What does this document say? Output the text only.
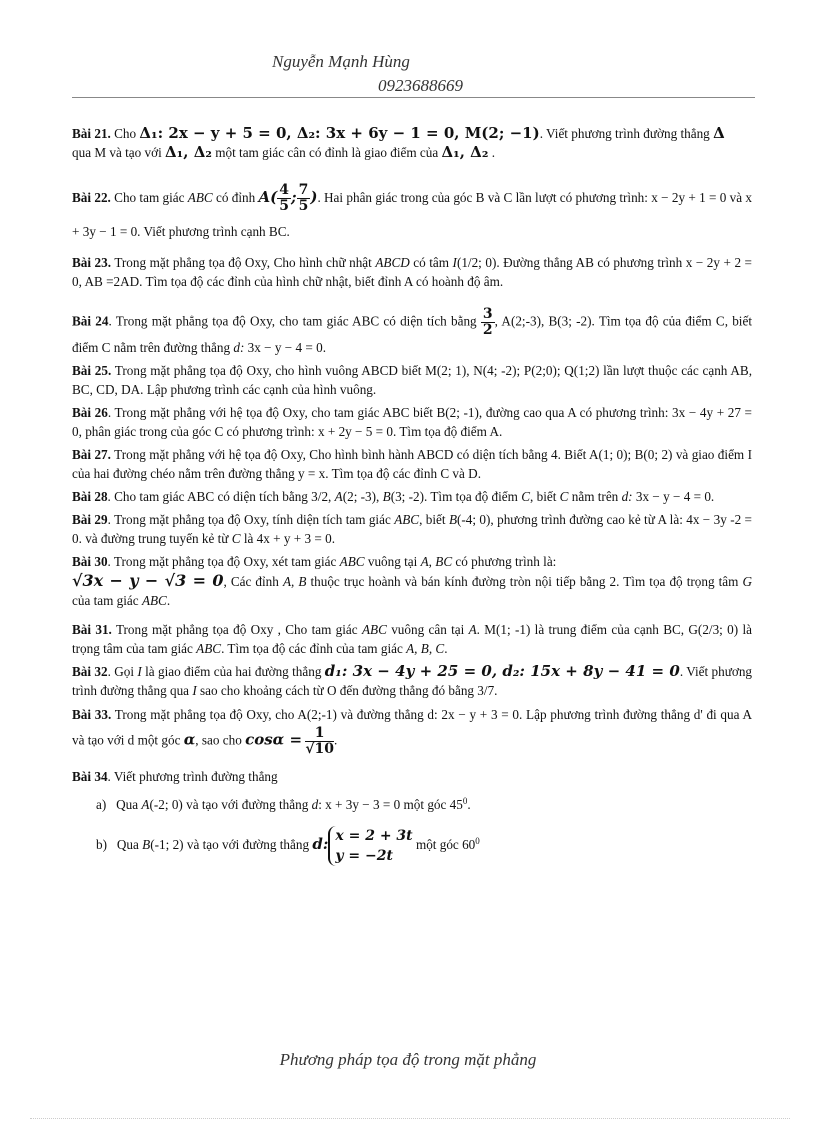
Nguyễn Mạnh Hùng
0923688669

Bài 21. Cho Δ₁: 2x − y + 5 = 0, Δ₂: 3x + 6y − 1 = 0, M(2; −1). Viết phương trình đường thẳng Δ
qua M và tạo với Δ₁, Δ₂ một tam giác cân có đỉnh là giao điểm của Δ₁, Δ₂ .

Bài 22. Cho tam giác ABC có đỉnh $A( \frac{4}{5}$ ; $\frac{7}{5}$ ). Hai phân giác trong của góc B và C lần lượt có phương trình: x − 2y + 1 = 0 và x + 3y − 1 = 0. Viết phương trình cạnh BC.

Bài 23. Trong mặt phẳng tọa độ Oxy, Cho hình chữ nhật ABCD có tâm I(1/2; 0). Đường thẳng AB có phương trình x − 2y + 2 = 0, AB =2AD. Tìm tọa độ các đỉnh của hình chữ nhật, biết đỉnh A có hoành độ âm.

Bài 24. Trong mặt phẳng tọa độ Oxy, cho tam giác ABC có diện tích bằng $\frac{3}{2}$ , A(2;-3), B(3; -2). Tìm tọa độ của điểm C, biết điểm C nằm trên đường thẳng d: 3x − y − 4 = 0.

Bài 25. Trong mặt phẳng tọa độ Oxy, cho hình vuông ABCD biết M(2; 1), N(4; -2); P(2;0); Q(1;2) lần lượt thuộc các cạnh AB, BC, CD, DA. Lập phương trình các cạnh của hình vuông.

Bài 26. Trong mặt phẳng với hệ tọa độ Oxy, cho tam giác ABC biết B(2; -1), đường cao qua A có phương trình: 3x − 4y + 27 = 0, phân giác trong của góc C có phương trình: x + 2y − 5 = 0. Tìm tọa độ điểm A.

Bài 27. Trong mặt phẳng với hệ tọa độ Oxy, Cho hình bình hành ABCD có diện tích bằng 4. Biết A(1; 0); B(0; 2) và giao điểm I của hai đường chéo nằm trên đường thẳng y = x. Tìm tọa độ các đỉnh C và D.

Bài 28. Cho tam giác ABC có diện tích bằng 3/2, A(2; -3), B(3; -2). Tìm tọa độ điểm C, biết C nằm trên d: 3x − y − 4 = 0.

Bài 29. Trong mặt phẳng tọa độ Oxy, tính diện tích tam giác ABC, biết B(-4; 0), phương trình đường cao kẻ từ A là: 4x − 3y -2 = 0. và đường trung tuyến kẻ từ C là 4x + y + 3 = 0.

Bài 30. Trong mặt phẳng tọa độ Oxy, xét tam giác ABC vuông tại A, BC có phương trình là:
√3x − y − √3 = 0, Các đỉnh A, B thuộc trục hoành và bán kính đường tròn nội tiếp bằng 2. Tìm tọa độ trọng tâm G của tam giác ABC.

Bài 31. Trong mặt phẳng tọa độ Oxy , Cho tam giác ABC vuông cân tại A. M(1; -1) là trung điểm của cạnh BC, G(2/3; 0) là trọng tâm của tam giác ABC. Tìm tọa độ các đỉnh của tam giác A, B, C.

Bài 32. Gọi I là giao điểm của hai đường thẳng d₁: 3x − 4y + 25 = 0, d₂: 15x + 8y − 41 = 0. Viết phương trình đường thẳng qua I sao cho khoảng cách từ O đến đường thẳng đó bằng 3/7.

Bài 33. Trong mặt phẳng tọa độ Oxy, cho A(2;-1) và đường thẳng d: 2x − y + 3 = 0. Lập phương trình đường thẳng d' đi qua A và tạo với d một góc α, sao cho $\cos\alpha = \frac{1}{√10}$ .

Bài 34. Viết phương trình đường thẳng

a) Qua A(-2; 0) và tạo với đường thẳng d: x + 3y − 3 = 0 một góc $45^0$.

b) Qua B(-1; 2) và tạo với đường thẳng d: x = 2 + 3t
y = −2t
một góc $60^0$

Phương pháp tọa độ trong mặt phẳng
